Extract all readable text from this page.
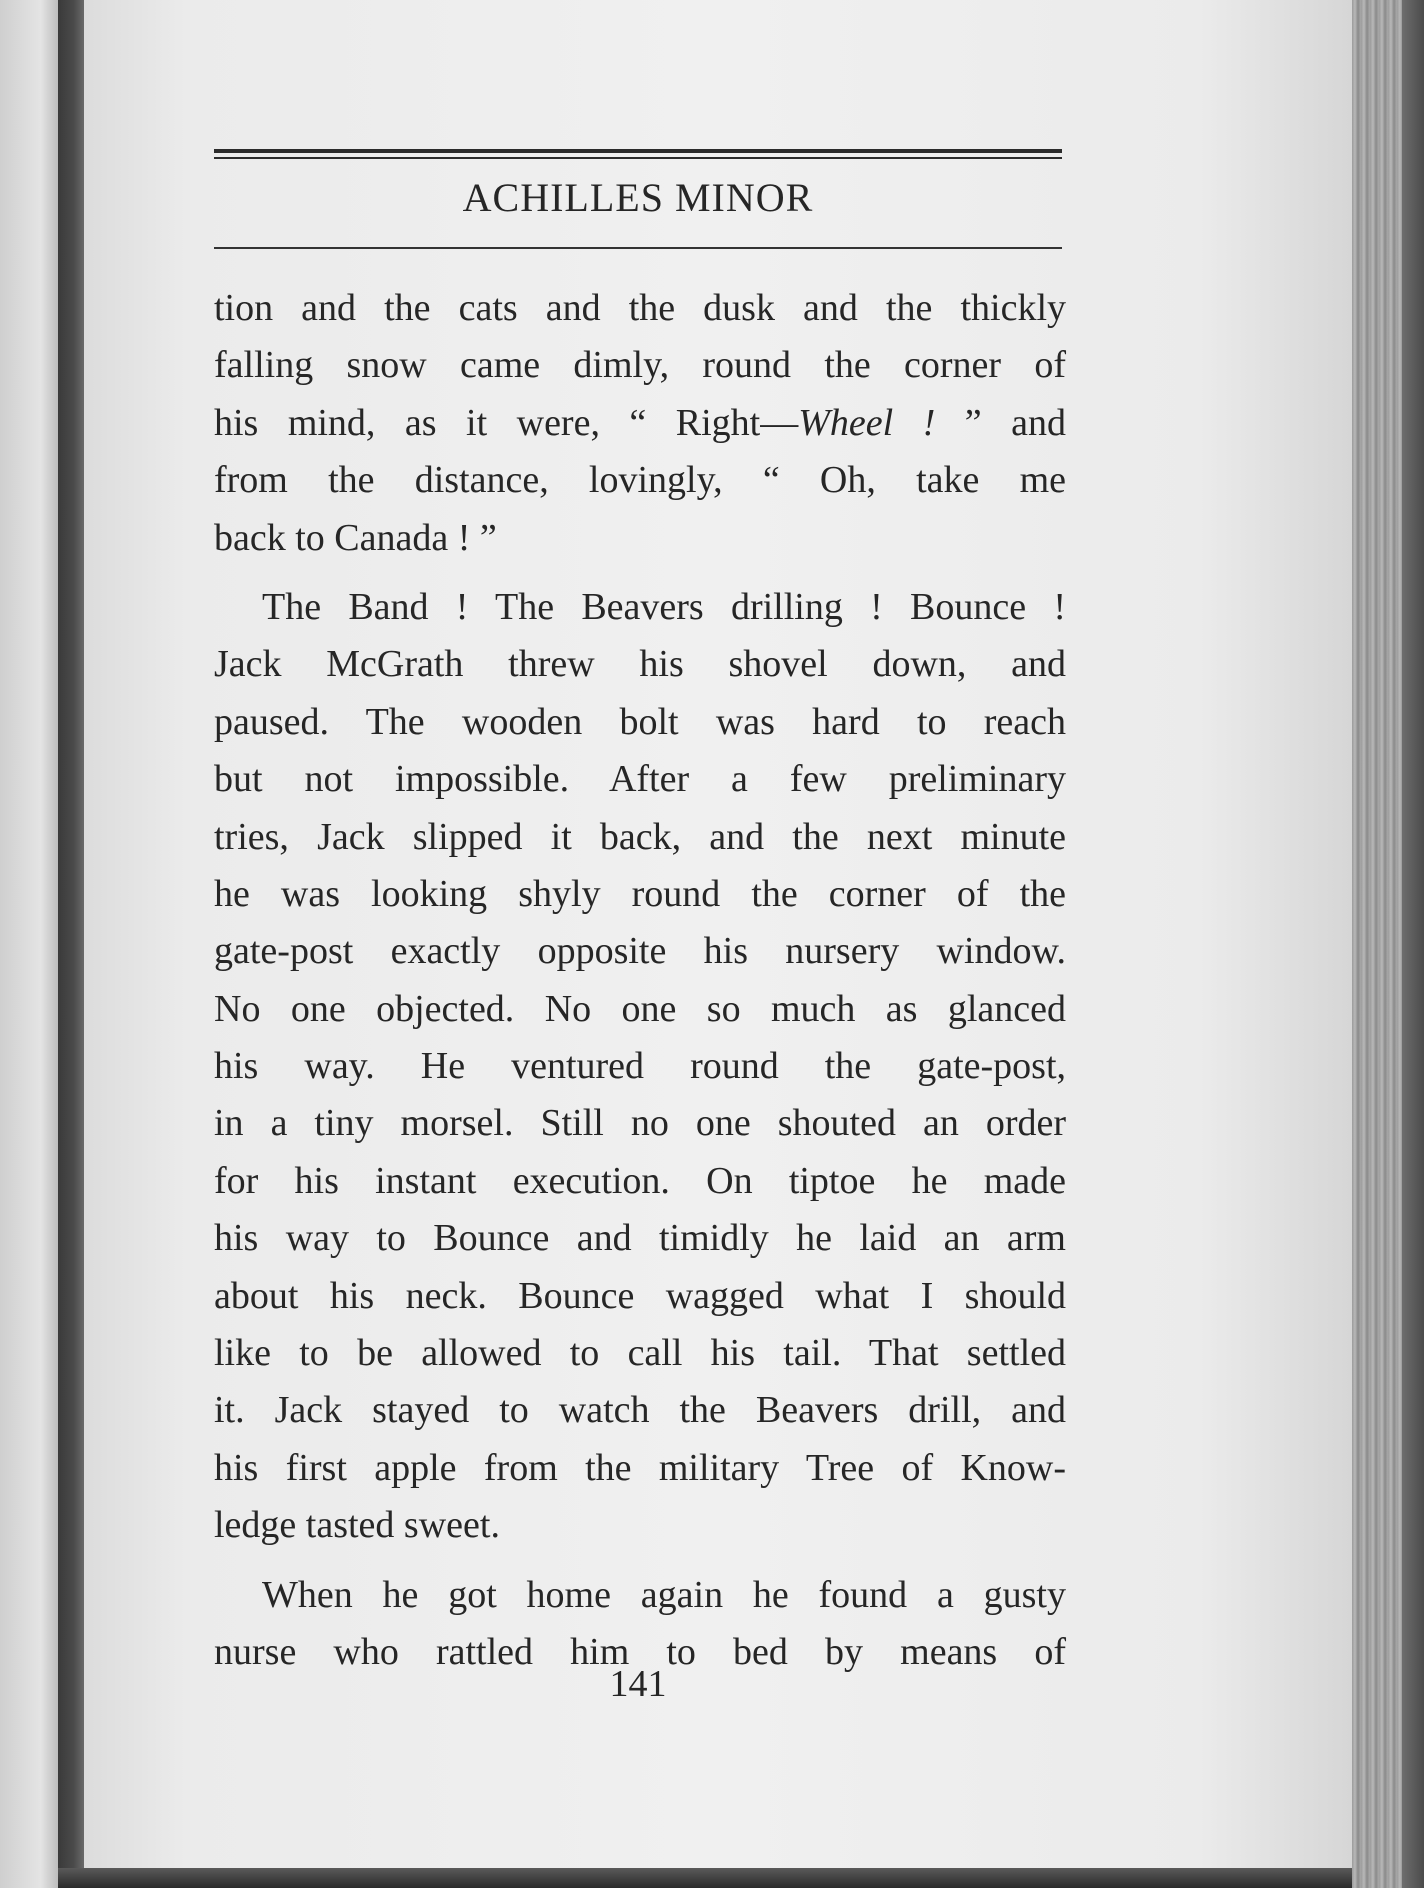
ACHILLES MINOR
tion and the cats and the dusk and the thickly
falling snow came dimly, round the corner of
his mind, as it were, “ Right—Wheel ! ” and
from the distance, lovingly, “ Oh, take me
back to Canada ! ”
The Band ! The Beavers drilling ! Bounce !
Jack McGrath threw his shovel down, and
paused. The wooden bolt was hard to reach
but not impossible. After a few preliminary
tries, Jack slipped it back, and the next minute
he was looking shyly round the corner of the
gate-post exactly opposite his nursery window.
No one objected. No one so much as glanced
his way. He ventured round the gate-post,
in a tiny morsel. Still no one shouted an order
for his instant execution. On tiptoe he made
his way to Bounce and timidly he laid an arm
about his neck. Bounce wagged what I should
like to be allowed to call his tail. That settled
it. Jack stayed to watch the Beavers drill, and
his first apple from the military Tree of Know-
ledge tasted sweet.
When he got home again he found a gusty
nurse who rattled him to bed by means of
141
